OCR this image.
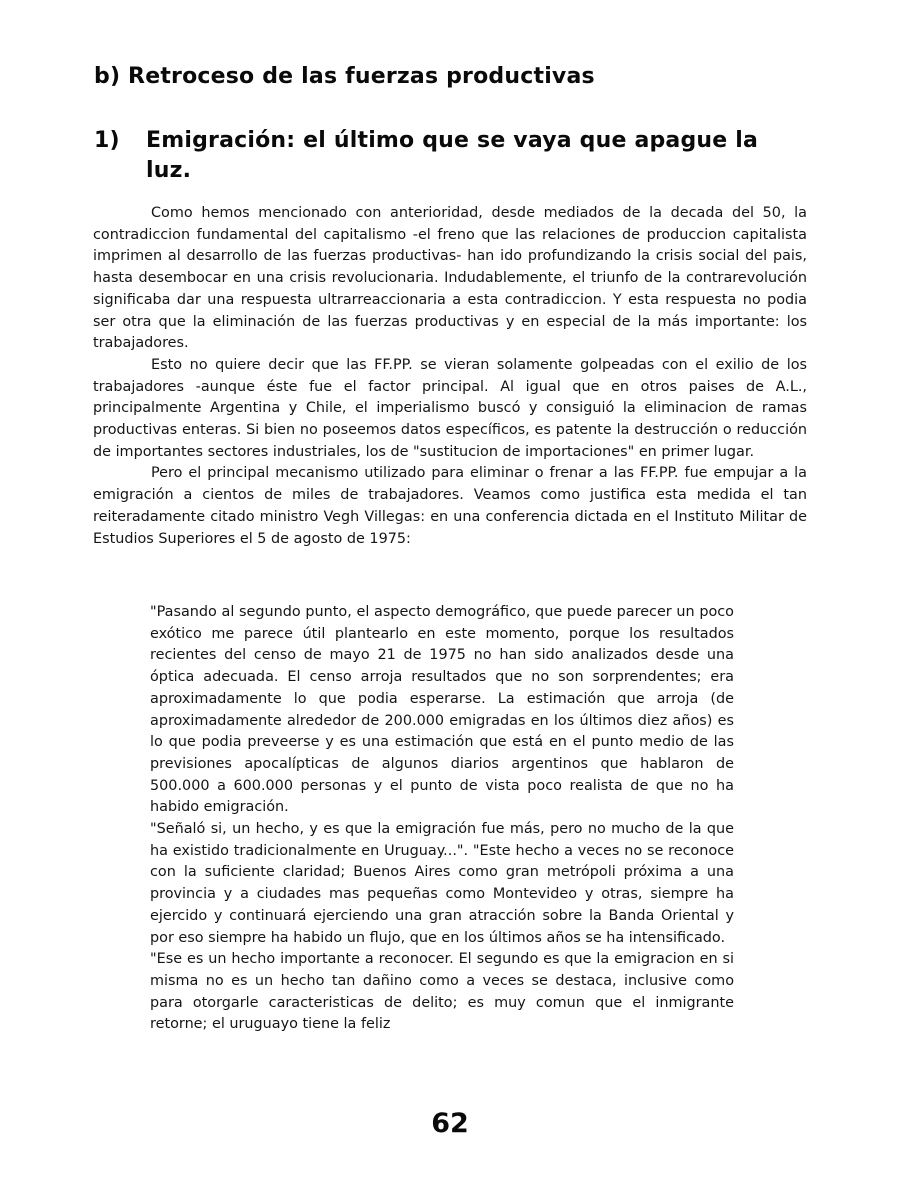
b) Retroceso de las fuerzas productivas
1) Emigración: el último que se vaya que apague la
luz.

Como hemos mencionado con anterioridad, desde mediados de la decada del 50, la contradiccion fundamental del capitalismo -el freno que las relaciones de produccion capitalista imprimen al desarrollo de las fuerzas productivas- han ido profundizando la crisis social del pais, hasta desembocar en una crisis revolucionaria. Indudablemente, el triunfo de la contrarevolución significaba dar una respuesta ultrarreaccionaria a esta contradiccion. Y esta respuesta no podia ser otra que la eliminación de las fuerzas productivas y en especial de la más importante: los trabajadores.

Esto no quiere decir que las FF.PP. se vieran solamente golpeadas con el exilio de los trabajadores -aunque éste fue el factor principal. Al igual que en otros paises de A.L., principalmente Argentina y Chile, el imperialismo buscó y consiguió la eliminacion de ramas productivas enteras. Si bien no poseemos datos específicos, es patente la destrucción o reducción de importantes sectores industriales, los de "sustitucion de importaciones" en primer lugar.

Pero el principal mecanismo utilizado para eliminar o frenar a las FF.PP. fue empujar a la emigración a cientos de miles de trabajadores. Veamos como justifica esta medida el tan reiteradamente citado ministro Vegh Villegas: en una conferencia dictada en el Instituto Militar de Estudios Superiores el 5 de agosto de 1975:

"Pasando al segundo punto, el aspecto demográfico, que puede parecer un poco exótico me parece útil plantearlo en este momento, porque los resultados recientes del censo de mayo 21 de 1975 no han sido analizados desde una óptica adecuada. El censo arroja resultados que no son sorprendentes; era aproximadamente lo que podia esperarse. La estimación que arroja (de aproximadamente alrededor de 200.000 emigradas en los últimos diez años) es lo que podia preveerse y es una estimación que está en el punto medio de las previsiones apocalípticas de algunos diarios argentinos que hablaron de 500.000 a 600.000 personas y el punto de vista poco realista de que no ha habido emigración.

"Señaló si, un hecho, y es que la emigración fue más, pero no mucho de la que ha existido tradicionalmente en Uruguay...". "Este hecho a veces no se reconoce con la suficiente claridad; Buenos Aires como gran metrópoli próxima a una provincia y a ciudades mas pequeñas como Montevideo y otras, siempre ha ejercido y continuará ejerciendo una gran atracción sobre la Banda Oriental y por eso siempre ha habido un flujo, que en los últimos años se ha intensificado.

"Ese es un hecho importante a reconocer. El segundo es que la emigracion en si misma no es un hecho tan dañino como a veces se destaca, inclusive como para otorgarle caracteristicas de delito; es muy comun que el inmigrante retorne; el uruguayo tiene la feliz

62
